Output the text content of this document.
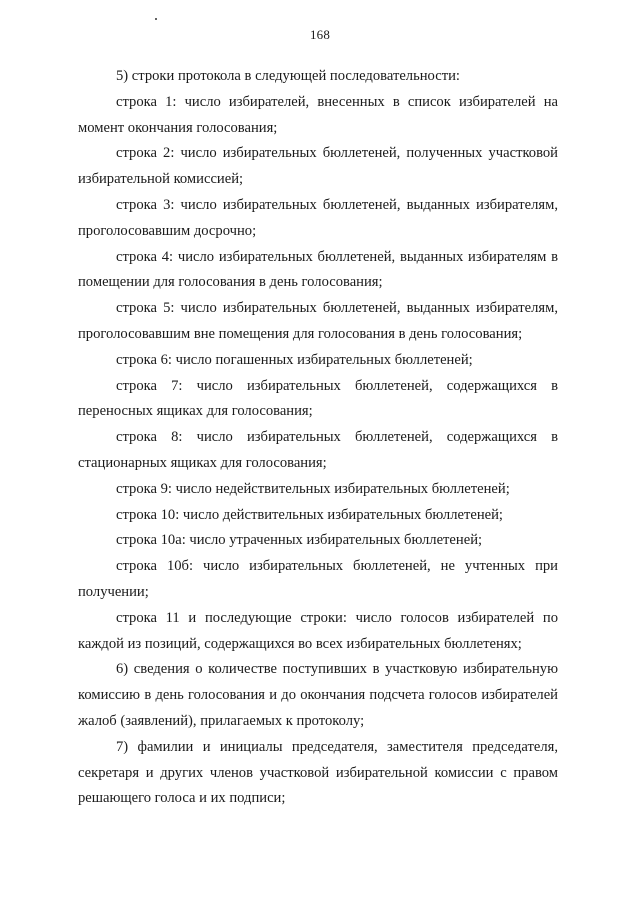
168

5) строки протокола в следующей последовательности:

строка 1: число избирателей, внесенных в список избирателей на момент окончания голосования;

строка 2: число избирательных бюллетеней, полученных участковой избирательной комиссией;

строка 3: число избирательных бюллетеней, выданных избирателям, проголосовавшим досрочно;

строка 4: число избирательных бюллетеней, выданных избирателям в помещении для голосования в день голосования;

строка 5: число избирательных бюллетеней, выданных избирателям, проголосовавшим вне помещения для голосования в день голосования;

строка 6: число погашенных избирательных бюллетеней;

строка 7: число избирательных бюллетеней, содержащихся в переносных ящиках для голосования;

строка 8: число избирательных бюллетеней, содержащихся в стационарных ящиках для голосования;

строка 9: число недействительных избирательных бюллетеней;

строка 10: число действительных избирательных бюллетеней;

строка 10а: число утраченных избирательных бюллетеней;

строка 10б: число избирательных бюллетеней, не учтенных при получении;

строка 11 и последующие строки: число голосов избирателей по каждой из позиций, содержащихся во всех избирательных бюллетенях;

6) сведения о количестве поступивших в участковую избирательную комиссию в день голосования и до окончания подсчета голосов избирателей жалоб (заявлений), прилагаемых к протоколу;

7) фамилии и инициалы председателя, заместителя председателя, секретаря и других членов участковой избирательной комиссии с правом решающего голоса и их подписи;
